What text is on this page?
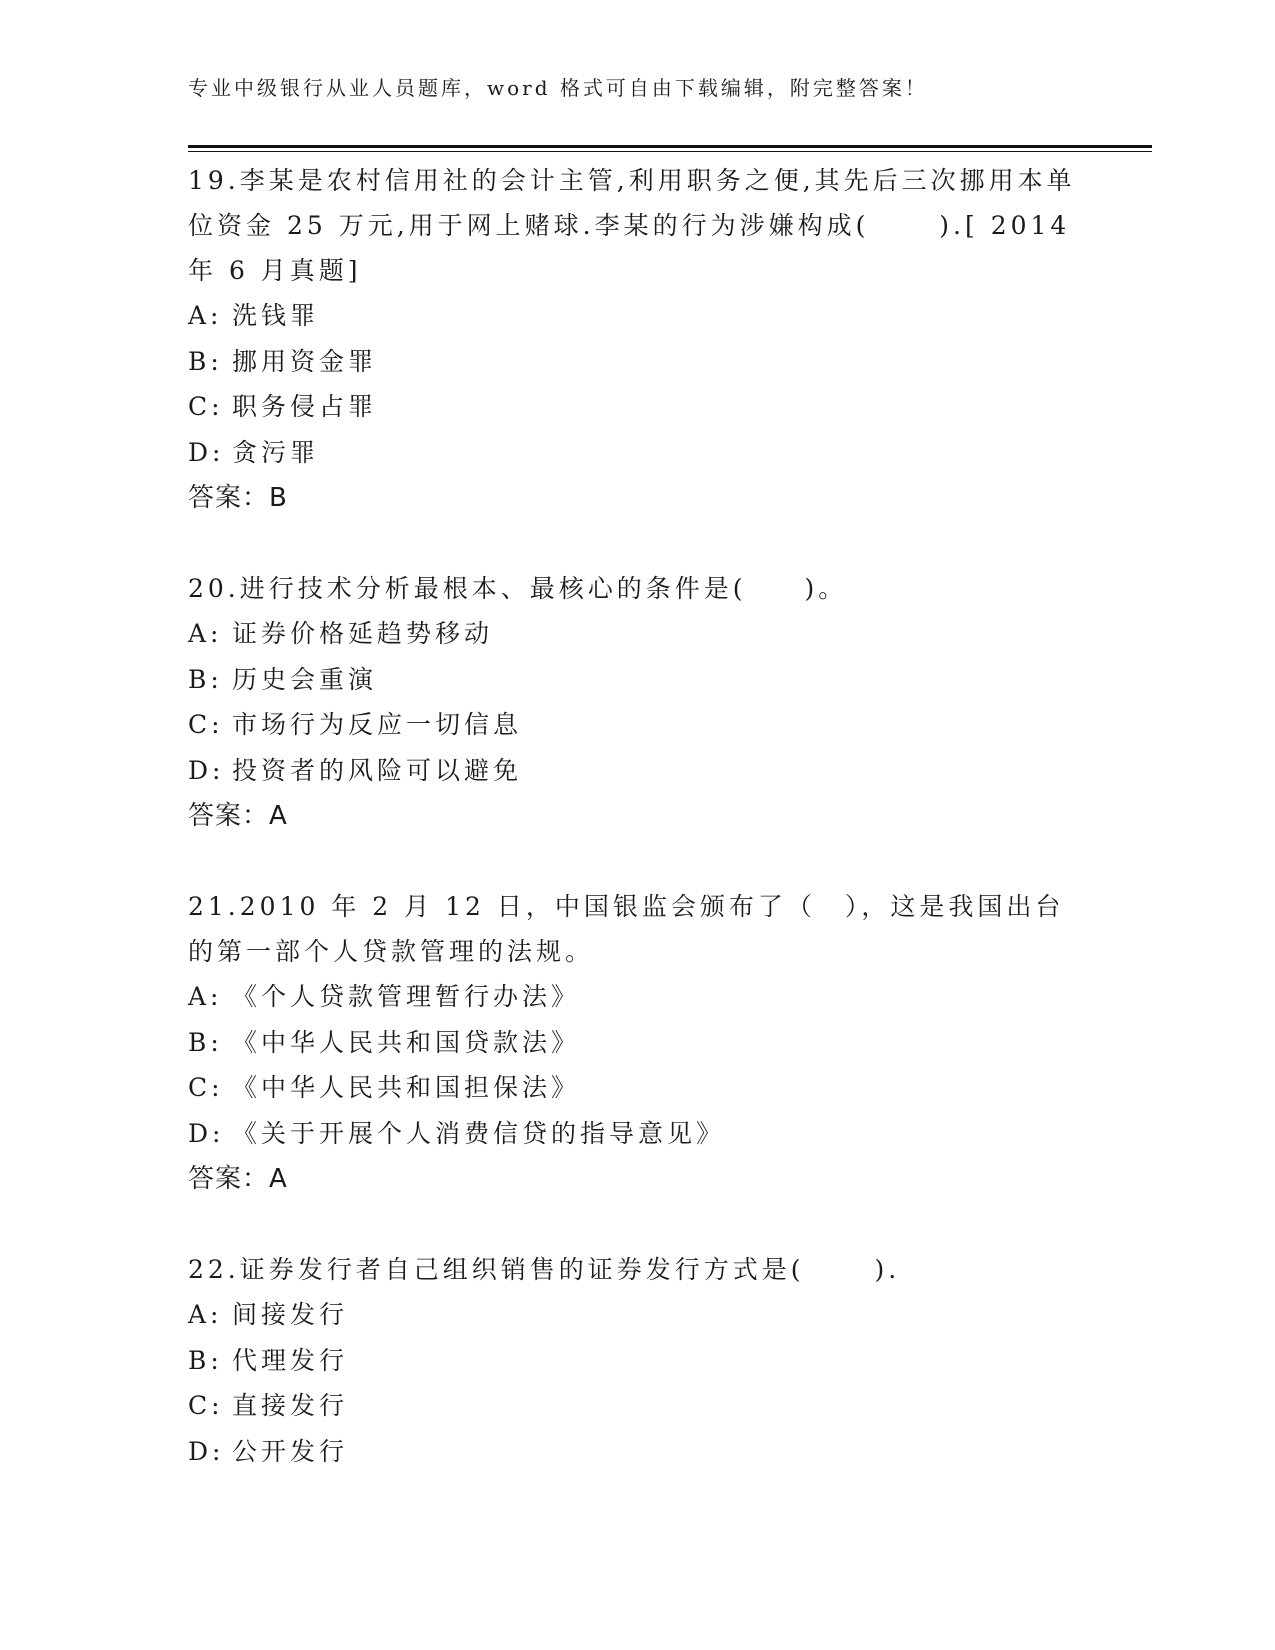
专业中级银行从业人员题库，word 格式可自由下载编辑，附完整答案！

19.李某是农村信用社的会计主管,利用职务之便,其先后三次挪用本单位资金 25 万元,用于网上赌球.李某的行为涉嫌构成(　　 ).[ 2014 年 6 月真题]

A: 洗钱罪
B: 挪用资金罪
C: 职务侵占罪
D: 贪污罪
答案：B

20.进行技术分析最根本、最核心的条件是(　　)。

A: 证券价格延趋势移动
B: 历史会重演
C: 市场行为反应一切信息
D: 投资者的风险可以避免
答案：A

21.2010 年 2 月 12 日，中国银监会颁布了（　），这是我国出台的第一部个人贷款管理的法规。

A: 《个人贷款管理暂行办法》
B: 《中华人民共和国贷款法》
C: 《中华人民共和国担保法》
D: 《关于开展个人消费信贷的指导意见》
答案：A

22.证券发行者自己组织销售的证券发行方式是(　　 ).

A: 间接发行
B: 代理发行
C: 直接发行
D: 公开发行
